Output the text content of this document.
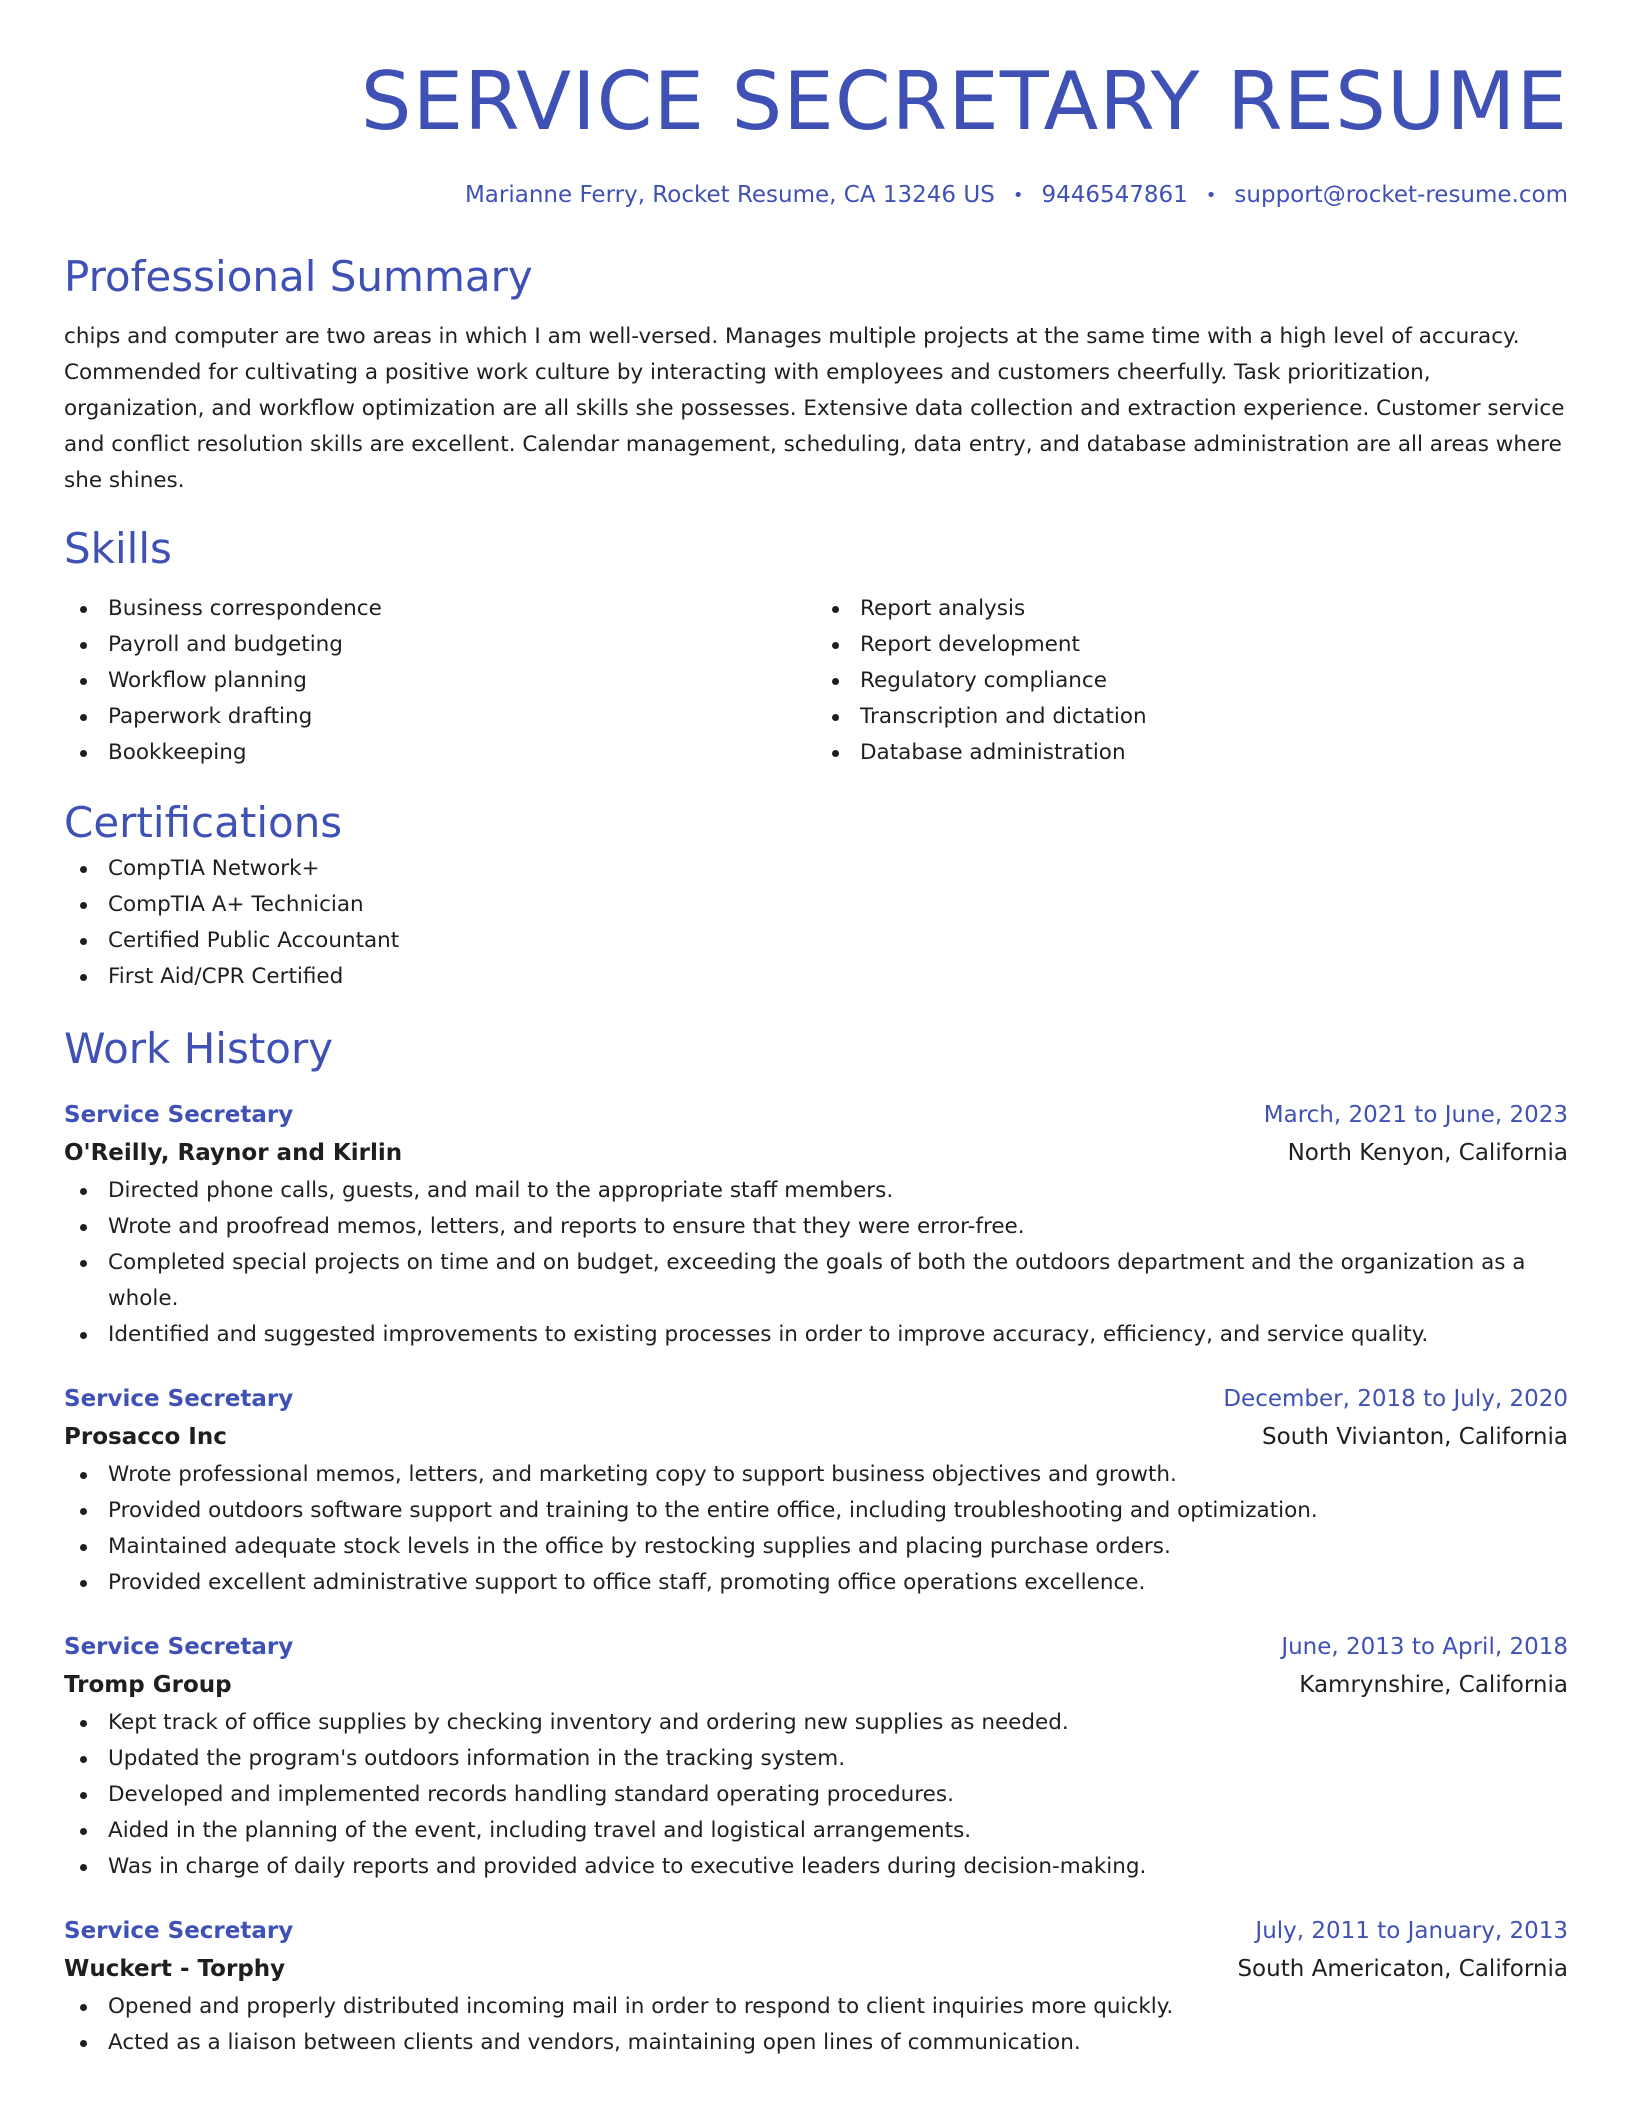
SERVICE SECRETARY RESUME
Marianne Ferry, Rocket Resume, CA 13246 US • 9446547861 • support@rocket-resume.com
Professional Summary

chips and computer are two areas in which I am well-versed. Manages multiple projects at the same time with a high level of accuracy. Commended for cultivating a positive work culture by interacting with employees and customers cheerfully. Task prioritization, organization, and workflow optimization are all skills she possesses. Extensive data collection and extraction experience. Customer service and conflict resolution skills are excellent. Calendar management, scheduling, data entry, and database administration are all areas where she shines.

Skills
Business correspondence
Payroll and budgeting
Workflow planning
Paperwork drafting
Bookkeeping
Report analysis
Report development
Regulatory compliance
Transcription and dictation
Database administration
Certifications
CompTIA Network+
CompTIA A+ Technician
Certified Public Accountant
First Aid/CPR Certified
Work History
Service Secretary	March, 2021 to June, 2023
O'Reilly, Raynor and Kirlin	North Kenyon, California
Directed phone calls, guests, and mail to the appropriate staff members.
Wrote and proofread memos, letters, and reports to ensure that they were error-free.
Completed special projects on time and on budget, exceeding the goals of both the outdoors department and the organization as a whole.
Identified and suggested improvements to existing processes in order to improve accuracy, efficiency, and service quality.
Service Secretary	December, 2018 to July, 2020
Prosacco Inc	South Vivianton, California
Wrote professional memos, letters, and marketing copy to support business objectives and growth.
Provided outdoors software support and training to the entire office, including troubleshooting and optimization.
Maintained adequate stock levels in the office by restocking supplies and placing purchase orders.
Provided excellent administrative support to office staff, promoting office operations excellence.
Service Secretary	June, 2013 to April, 2018
Tromp Group	Kamrynshire, California
Kept track of office supplies by checking inventory and ordering new supplies as needed.
Updated the program's outdoors information in the tracking system.
Developed and implemented records handling standard operating procedures.
Aided in the planning of the event, including travel and logistical arrangements.
Was in charge of daily reports and provided advice to executive leaders during decision-making.
Service Secretary	July, 2011 to January, 2013
Wuckert - Torphy	South Americaton, California
Opened and properly distributed incoming mail in order to respond to client inquiries more quickly.
Acted as a liaison between clients and vendors, maintaining open lines of communication.
